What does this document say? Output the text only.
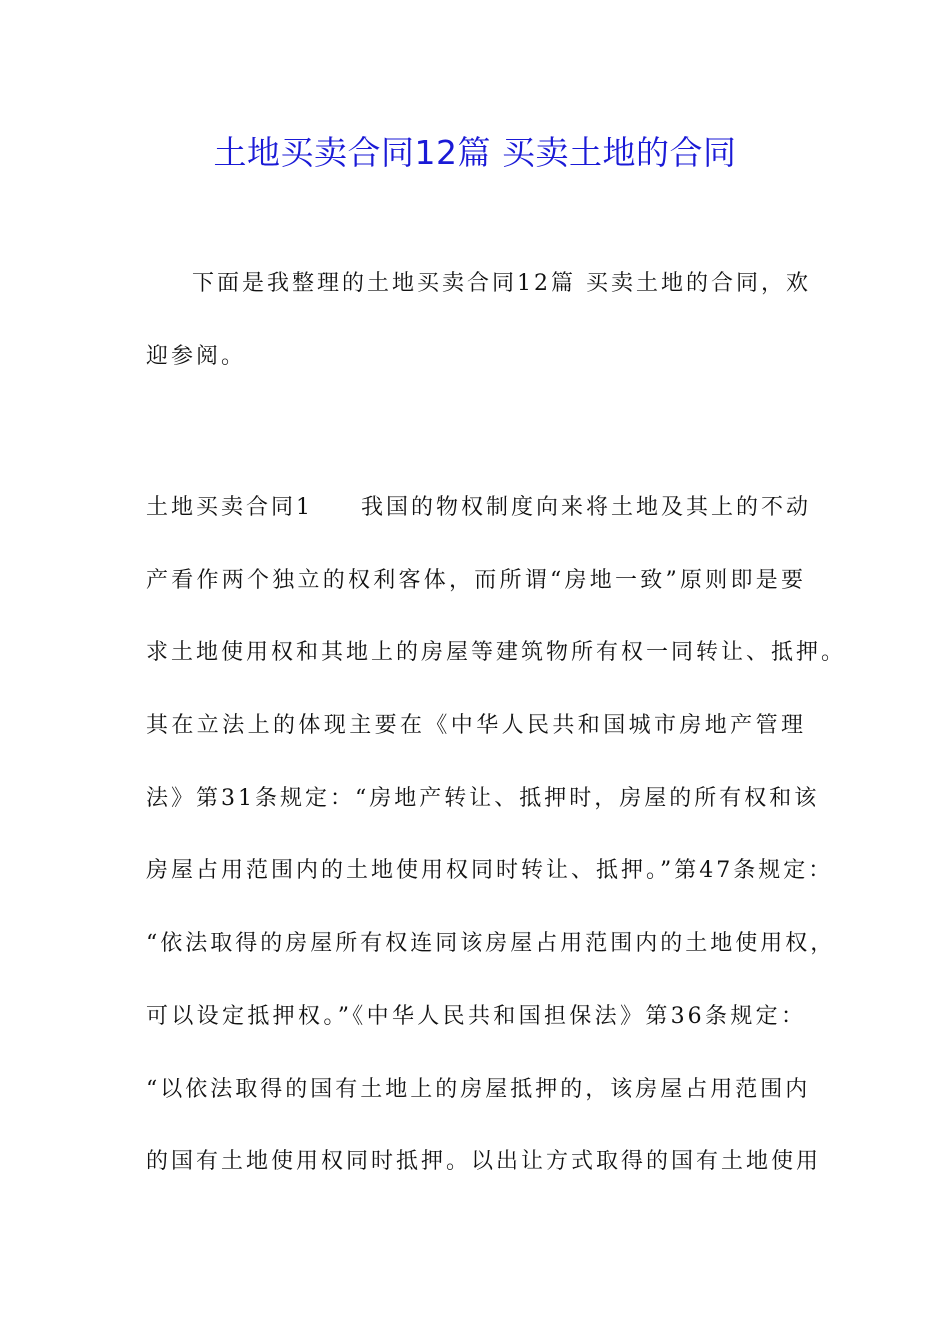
土地买卖合同12篇 买卖土地的合同
下面是我整理的土地买卖合同12篇 买卖土地的合同，欢
迎参阅。
土地买卖合同1 我国的物权制度向来将土地及其上的不动
产看作两个独立的权利客体，而所谓“房地一致”原则即是要
求土地使用权和其地上的房屋等建筑物所有权一同转让、抵押。
其在立法上的体现主要在《中华人民共和国城市房地产管理
法》第31条规定：“房地产转让、抵押时，房屋的所有权和该
房屋占用范围内的土地使用权同时转让、抵押。”第47条规定：
“依法取得的房屋所有权连同该房屋占用范围内的土地使用权，
可以设定抵押权。”《中华人民共和国担保法》第36条规定：
“以依法取得的国有土地上的房屋抵押的，该房屋占用范围内
的国有土地使用权同时抵押。以出让方式取得的国有土地使用
